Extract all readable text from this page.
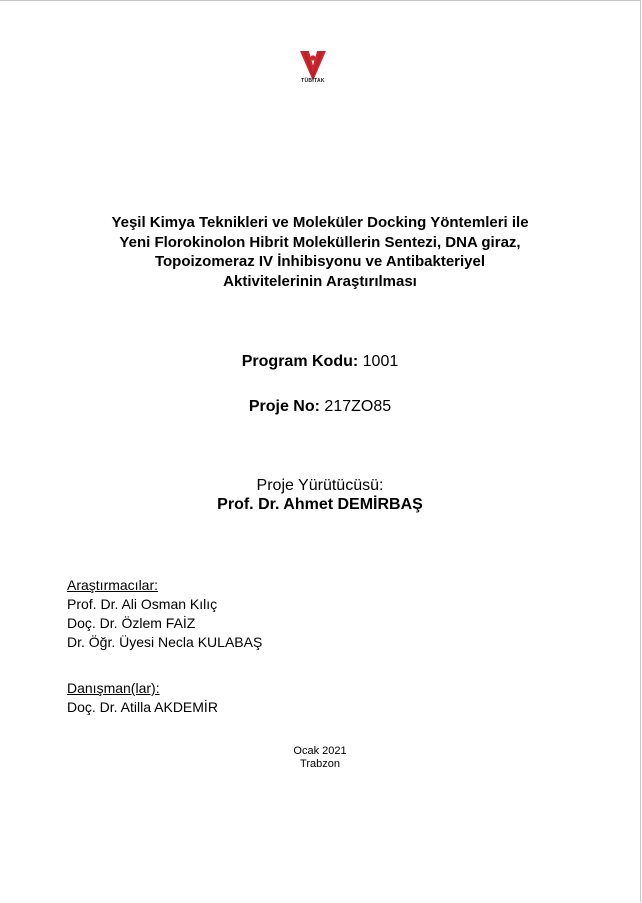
TÜBİTAK
Yeşil Kimya Teknikleri ve Moleküler Docking Yöntemleri ile
Yeni Florokinolon Hibrit Moleküllerin Sentezi, DNA giraz,
Topoizomeraz IV İnhibisyonu ve Antibakteriyel
Aktivitelerinin Araştırılması
Program Kodu: 1001
Proje No: 217ZO85
Proje Yürütücüsü:
Prof. Dr. Ahmet DEMİRBAŞ
Araştırmacılar:
Prof. Dr. Ali Osman Kılıç
Doç. Dr. Özlem FAİZ
Dr. Öğr. Üyesi Necla KULABAŞ
Danışman(lar):
Doç. Dr. Atilla AKDEMİR
Ocak 2021
Trabzon
